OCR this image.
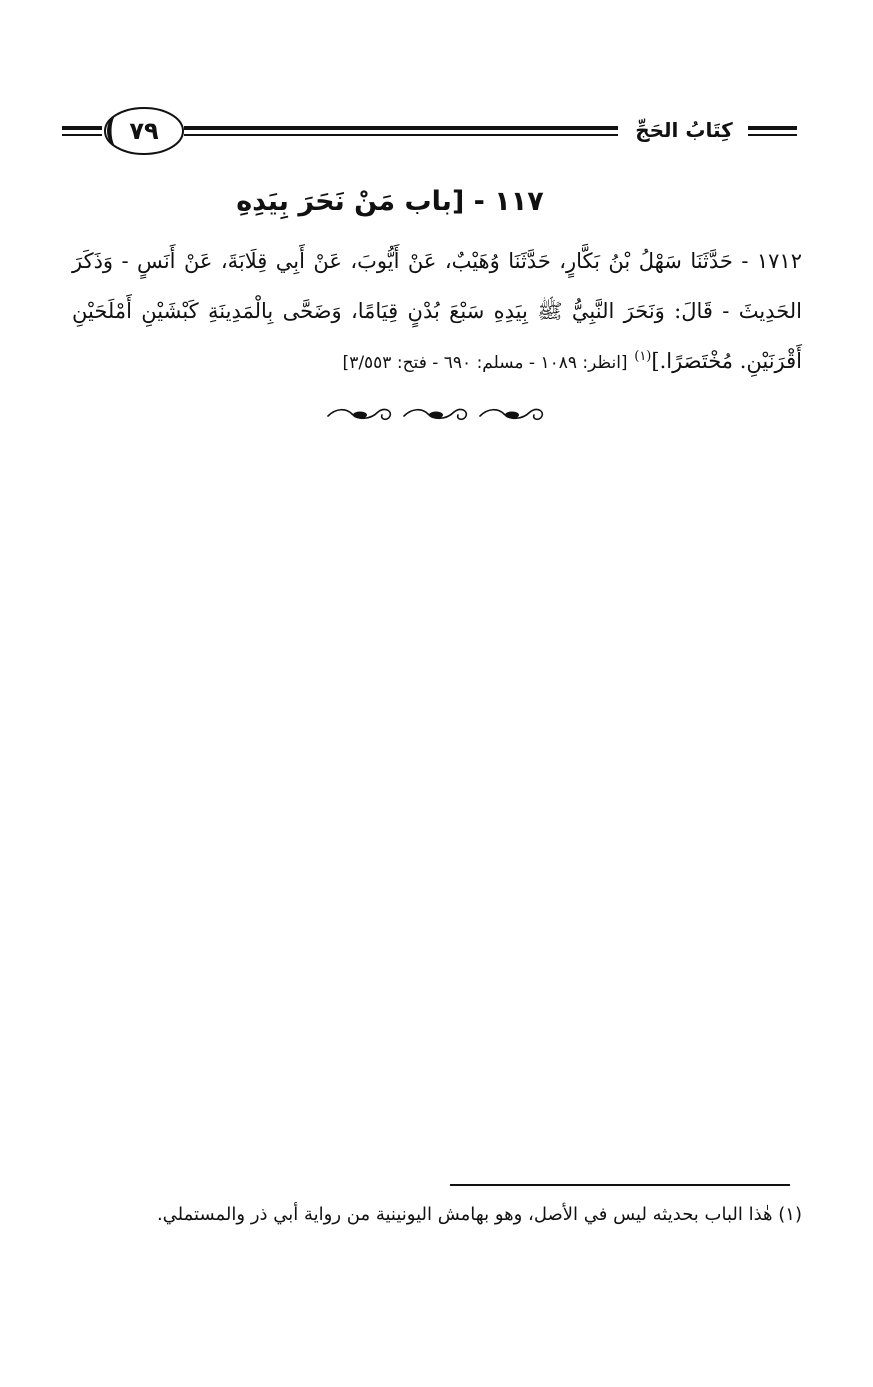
٧٩	كِتَابُ الحَجِّ
١١٧ - [باب مَنْ نَحَرَ بِيَدِهِ
١٧١٢ - حَدَّثَنَا سَهْلُ بْنُ بَكَّارٍ، حَدَّثَنَا وُهَيْبٌ، عَنْ أَيُّوبَ، عَنْ أَبِي قِلَابَةَ، عَنْ أَنَسٍ - وَذَكَرَ الحَدِيثَ - قَالَ: وَنَحَرَ النَّبِيُّ ﷺ بِيَدِهِ سَبْعَ بُدْنٍ قِيَامًا، وَضَحَّى بِالْمَدِينَةِ كَبْشَيْنِ أَمْلَحَيْنِ أَقْرَنَيْنِ. مُخْتَصَرًا.]$^{(١)}$ [انظر: ١٠٨٩ - مسلم: ٦٩٠ - فتح: ٣/٥٥٣]
(١) هٰذا الباب بحديثه ليس في الأصل، وهو بهامش اليونينية من رواية أبي ذر والمستملي.
